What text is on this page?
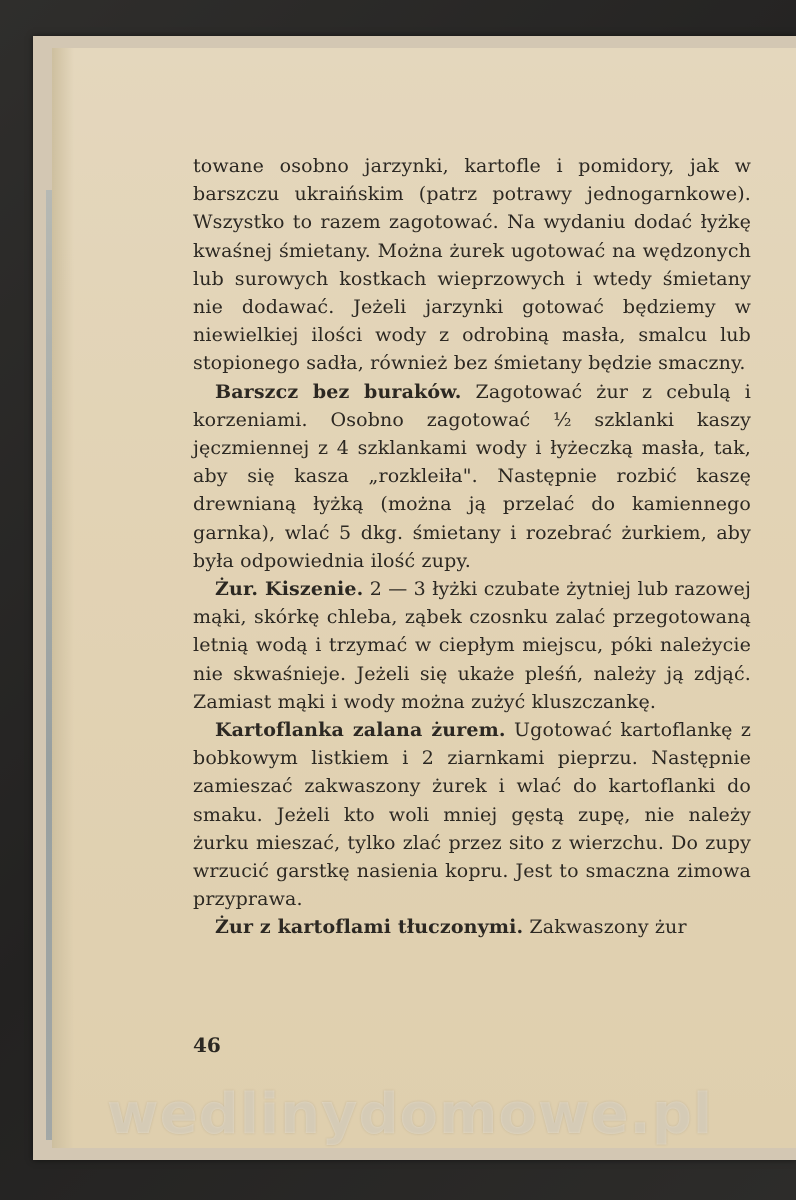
towane osobno jarzynki, kartofle i pomidory, jak w barszczu ukraińskim (patrz potrawy jednogarnkowe). Wszystko to razem zagotować. Na wydaniu dodać łyżkę kwaśnej śmietany. Można żurek ugotować na wędzonych lub surowych kostkach wieprzowych i wtedy śmietany nie dodawać. Jeżeli jarzynki gotować będziemy w niewielkiej ilości wody z odrobiną masła, smalcu lub stopionego sadła, również bez śmietany będzie smaczny.

Barszcz bez buraków. Zagotować żur z cebulą i korzeniami. Osobno zagotować ½ szklanki kaszy jęczmiennej z 4 szklankami wody i łyżeczką masła, tak, aby się kasza „rozkleiła". Następnie rozbić kaszę drewnianą łyżką (można ją przelać do kamiennego garnka), wlać 5 dkg. śmietany i rozebrać żurkiem, aby była odpowiednia ilość zupy.

Żur. Kiszenie. 2 — 3 łyżki czubate żytniej lub razowej mąki, skórkę chleba, ząbek czosnku zalać przegotowaną letnią wodą i trzymać w ciepłym miejscu, póki należycie nie skwaśnieje. Jeżeli się ukaże pleśń, należy ją zdjąć. Zamiast mąki i wody można zużyć kluszczankę.

Kartoflanka zalana żurem. Ugotować kartoflankę z bobkowym listkiem i 2 ziarnkami pieprzu. Następnie zamieszać zakwaszony żurek i wlać do kartoflanki do smaku. Jeżeli kto woli mniej gęstą zupę, nie należy żurku mieszać, tylko zlać przez sito z wierzchu. Do zupy wrzucić garstkę nasienia kopru. Jest to smaczna zimowa przyprawa.

Żur z kartoflami tłuczonymi. Zakwaszony żur

46
wedlinydomowe.pl
